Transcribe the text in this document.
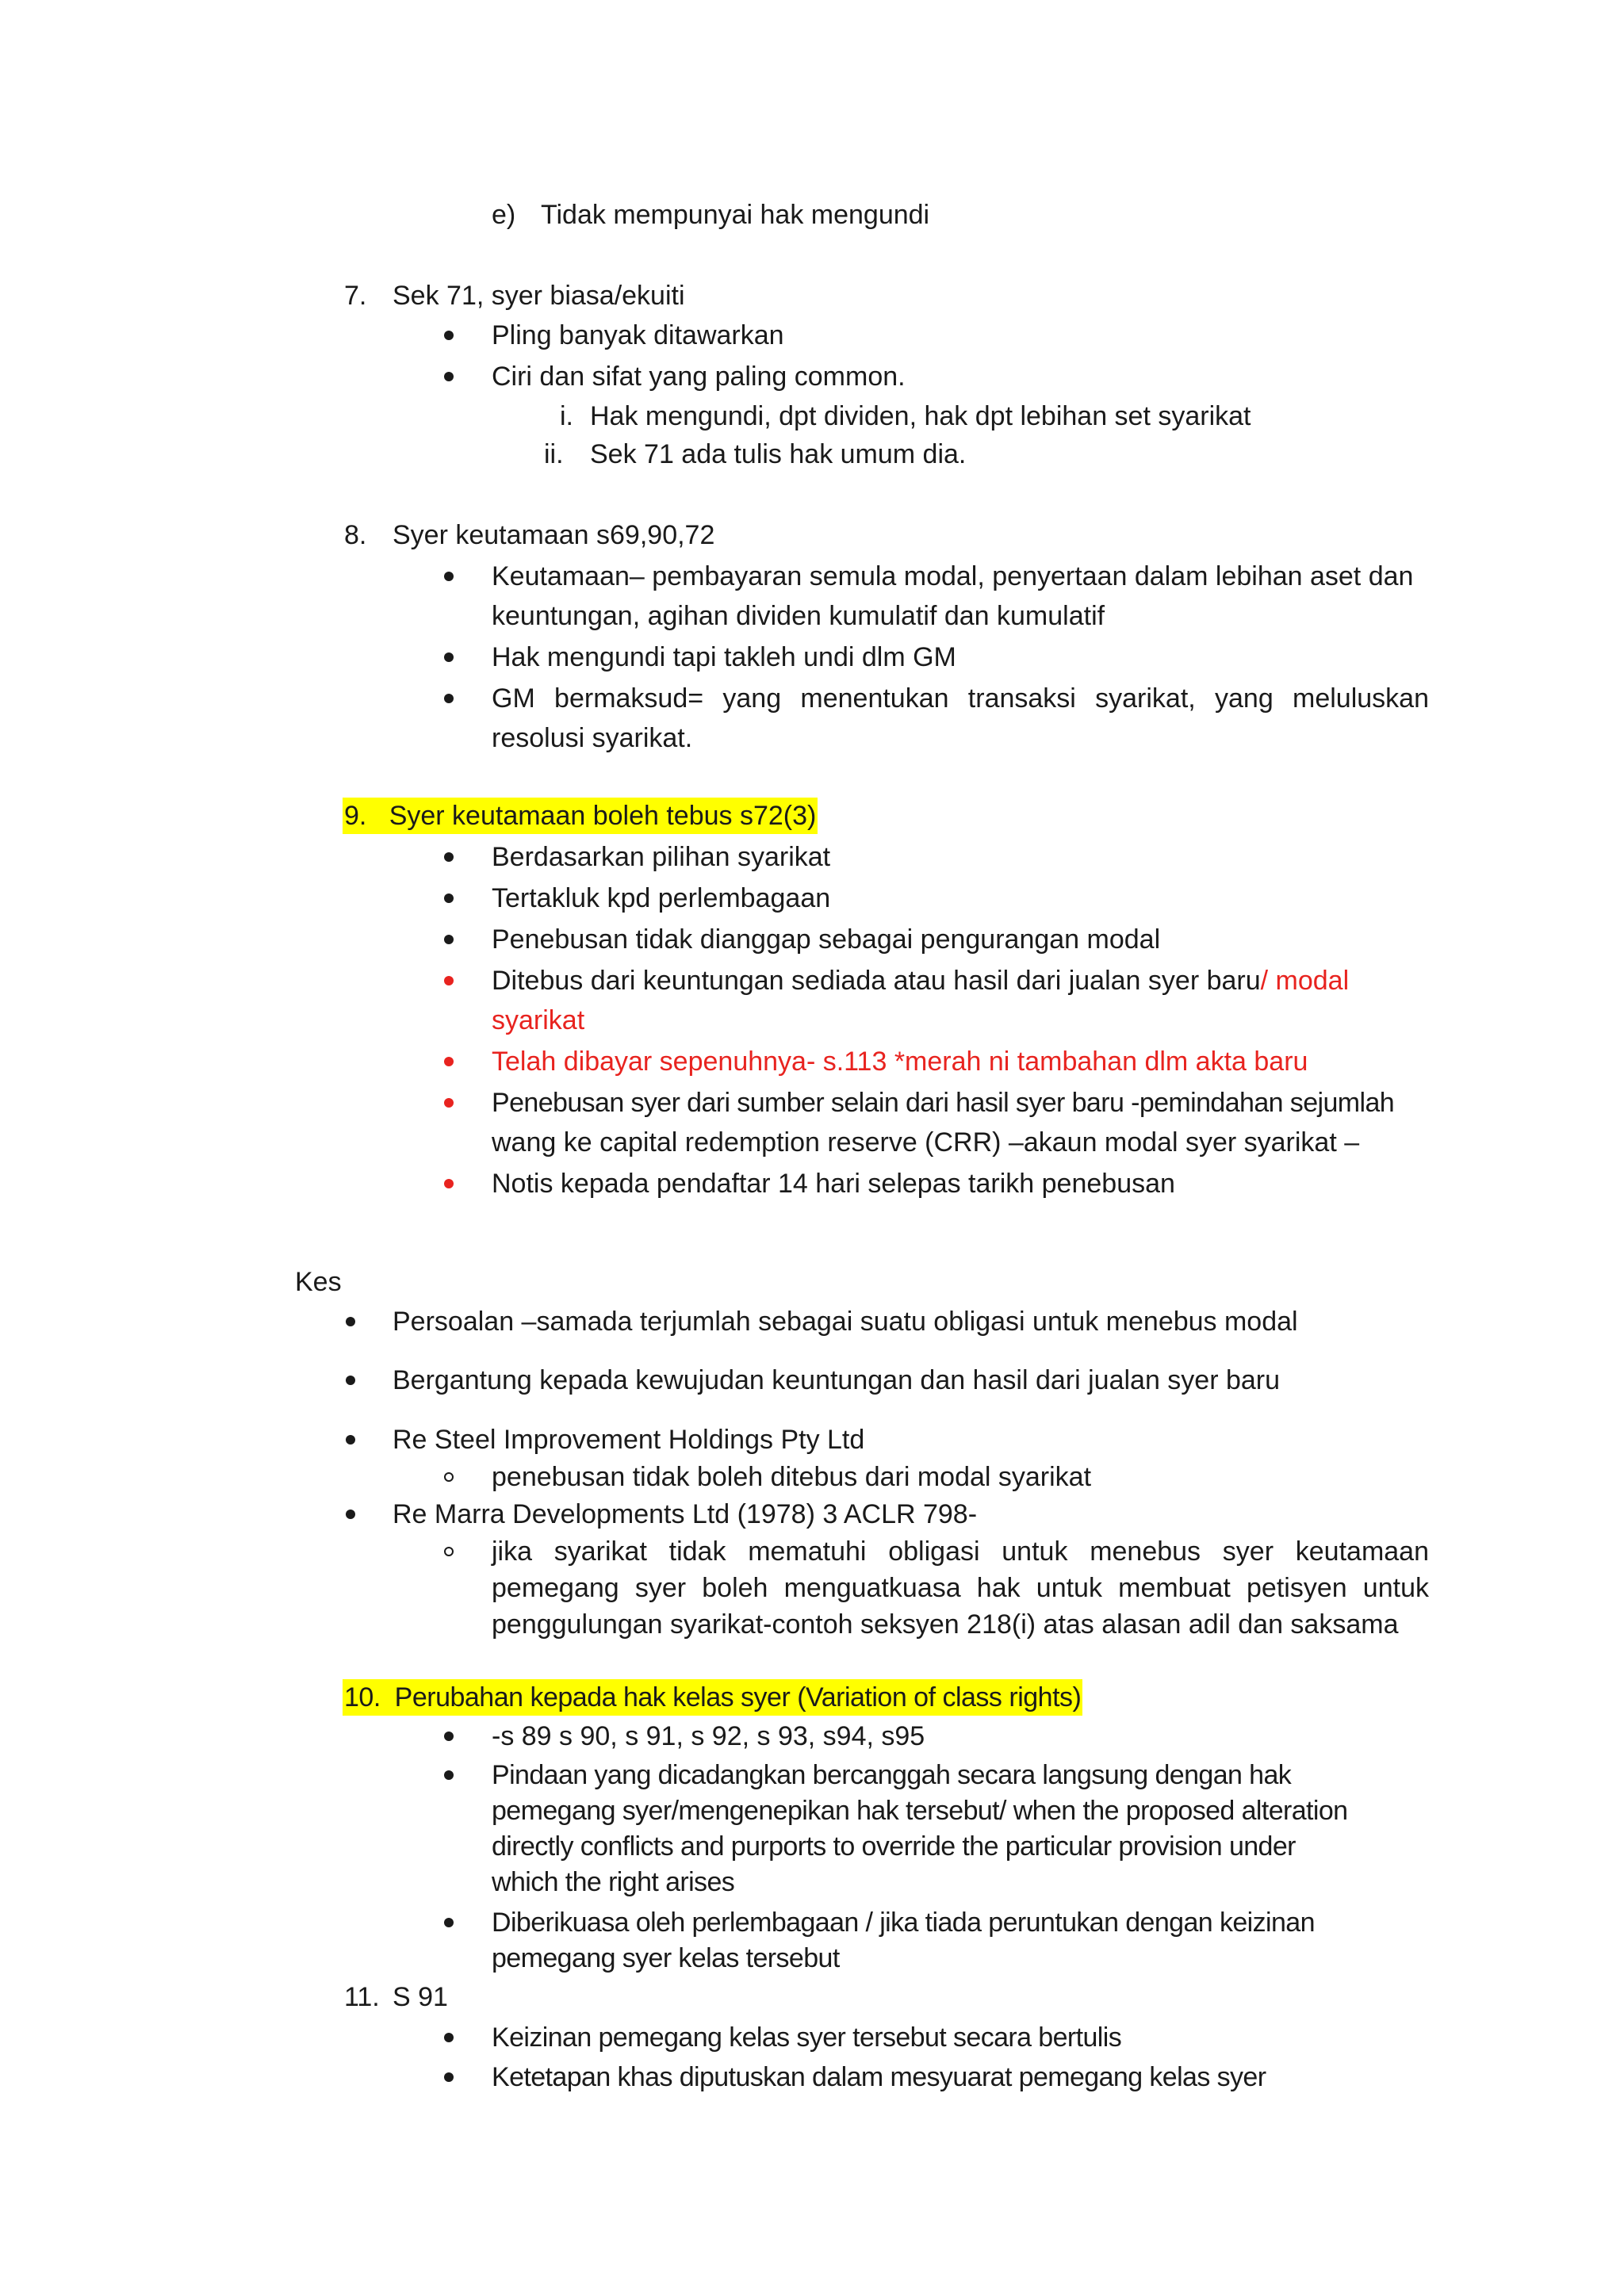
e) Tidak mempunyai hak mengundi
7. Sek 71, syer biasa/ekuiti
Pling banyak ditawarkan
Ciri dan sifat yang paling common.
i. Hak mengundi, dpt dividen, hak dpt lebihan set syarikat
ii. Sek 71 ada tulis hak umum dia.
8. Syer keutamaan s69,90,72
Keutamaan– pembayaran semula modal, penyertaan dalam lebihan aset dan
keuntungan, agihan dividen kumulatif dan kumulatif
Hak mengundi tapi takleh undi dlm GM
GM bermaksud= yang menentukan transaksi syarikat, yang meluluskan
resolusi syarikat.
9. Syer keutamaan boleh tebus s72(3)
Berdasarkan pilihan syarikat
Tertakluk kpd perlembagaan
Penebusan tidak dianggap sebagai pengurangan modal
Ditebus dari keuntungan sediada atau hasil dari jualan syer baru/ modal
syarikat
Telah dibayar sepenuhnya- s.113 *merah ni tambahan dlm akta baru
Penebusan syer dari sumber selain dari hasil syer baru -pemindahan sejumlah
wang ke capital redemption reserve (CRR) –akaun modal syer syarikat –
Notis kepada pendaftar 14 hari selepas tarikh penebusan
Kes
Persoalan –samada terjumlah sebagai suatu obligasi untuk menebus modal
Bergantung kepada kewujudan keuntungan dan hasil dari jualan syer baru
Re Steel Improvement Holdings Pty Ltd
penebusan tidak boleh ditebus dari modal syarikat
Re Marra Developments Ltd (1978) 3 ACLR 798-
jika syarikat tidak mematuhi obligasi untuk menebus syer keutamaan
pemegang syer boleh menguatkuasa hak untuk membuat petisyen untuk
penggulungan syarikat-contoh seksyen 218(i) atas alasan adil dan saksama
10. Perubahan kepada hak kelas syer (Variation of class rights)
-s 89 s 90, s 91, s 92, s 93, s94, s95
Pindaan yang dicadangkan bercanggah secara langsung dengan hak
pemegang syer/mengenepikan hak tersebut/ when the proposed alteration
directly conflicts and purports to override the particular provision under
which the right arises
Diberikuasa oleh perlembagaan / jika tiada peruntukan dengan keizinan
pemegang syer kelas tersebut
11. S 91
Keizinan pemegang kelas syer tersebut secara bertulis
Ketetapan khas diputuskan dalam mesyuarat pemegang kelas syer
